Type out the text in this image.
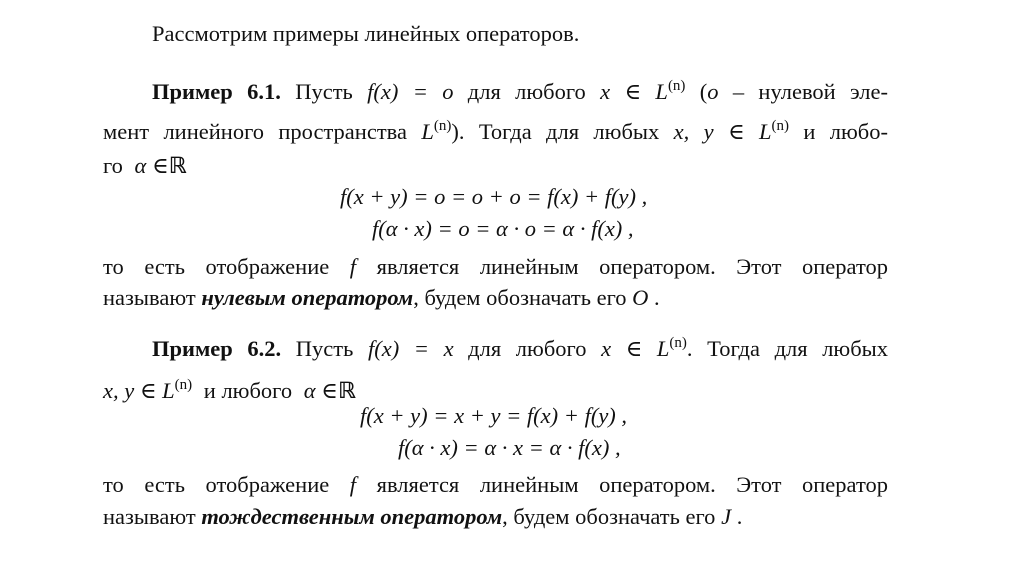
Рассмотрим примеры линейных операторов.
Пример 6.1. Пусть f(x) = o для любого x ∈ $L^{(n)}$ (o – нулевой эле-
мент линейного пространства $L^{(n)}$). Тогда для любых x, y ∈ $L^{(n)}$ и любо-
го α ∈ℝ
f(x + y) = o = o + o = f(x) + f(y) ,
f(α · x) = o = α · o = α · f(x) ,
то есть отображение f является линейным оператором. Этот оператор
называют нулевым оператором, будем обозначать его O .
Пример 6.2. Пусть f(x) = x для любого x ∈ $L^{(n)}$. Тогда для любых
x, y ∈ $L^{(n)}$ и любого α ∈ℝ
f(x + y) = x + y = f(x) + f(y) ,
f(α · x) = α · x = α · f(x) ,
то есть отображение f является линейным оператором. Этот оператор
называют тождественным оператором, будем обозначать его J .
